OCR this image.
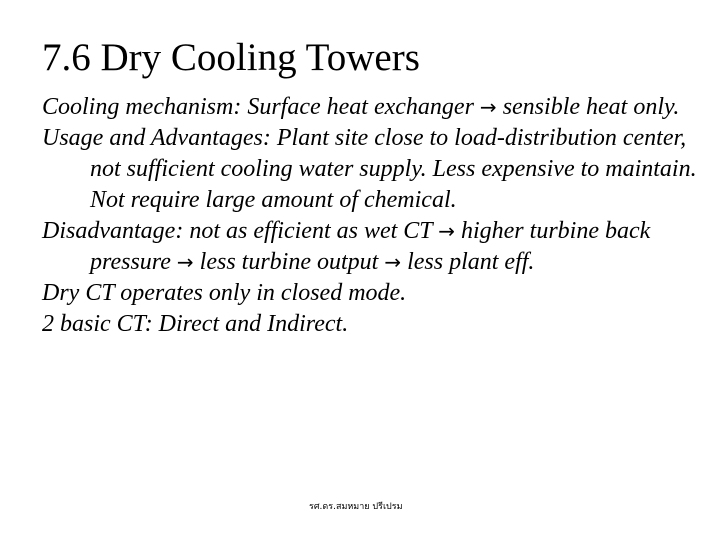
7.6 Dry Cooling Towers

Cooling mechanism: Surface heat exchanger → sensible heat only.

Usage and Advantages: Plant site close to load-distribution center, not sufficient cooling water supply. Less expensive to maintain. Not require large amount of chemical.

Disadvantage: not as efficient as wet CT → higher turbine back pressure → less turbine output → less plant eff.

Dry CT operates only in closed mode.

2 basic CT: Direct and Indirect.

รศ.ดร.สมหมาย ปรีเปรม
